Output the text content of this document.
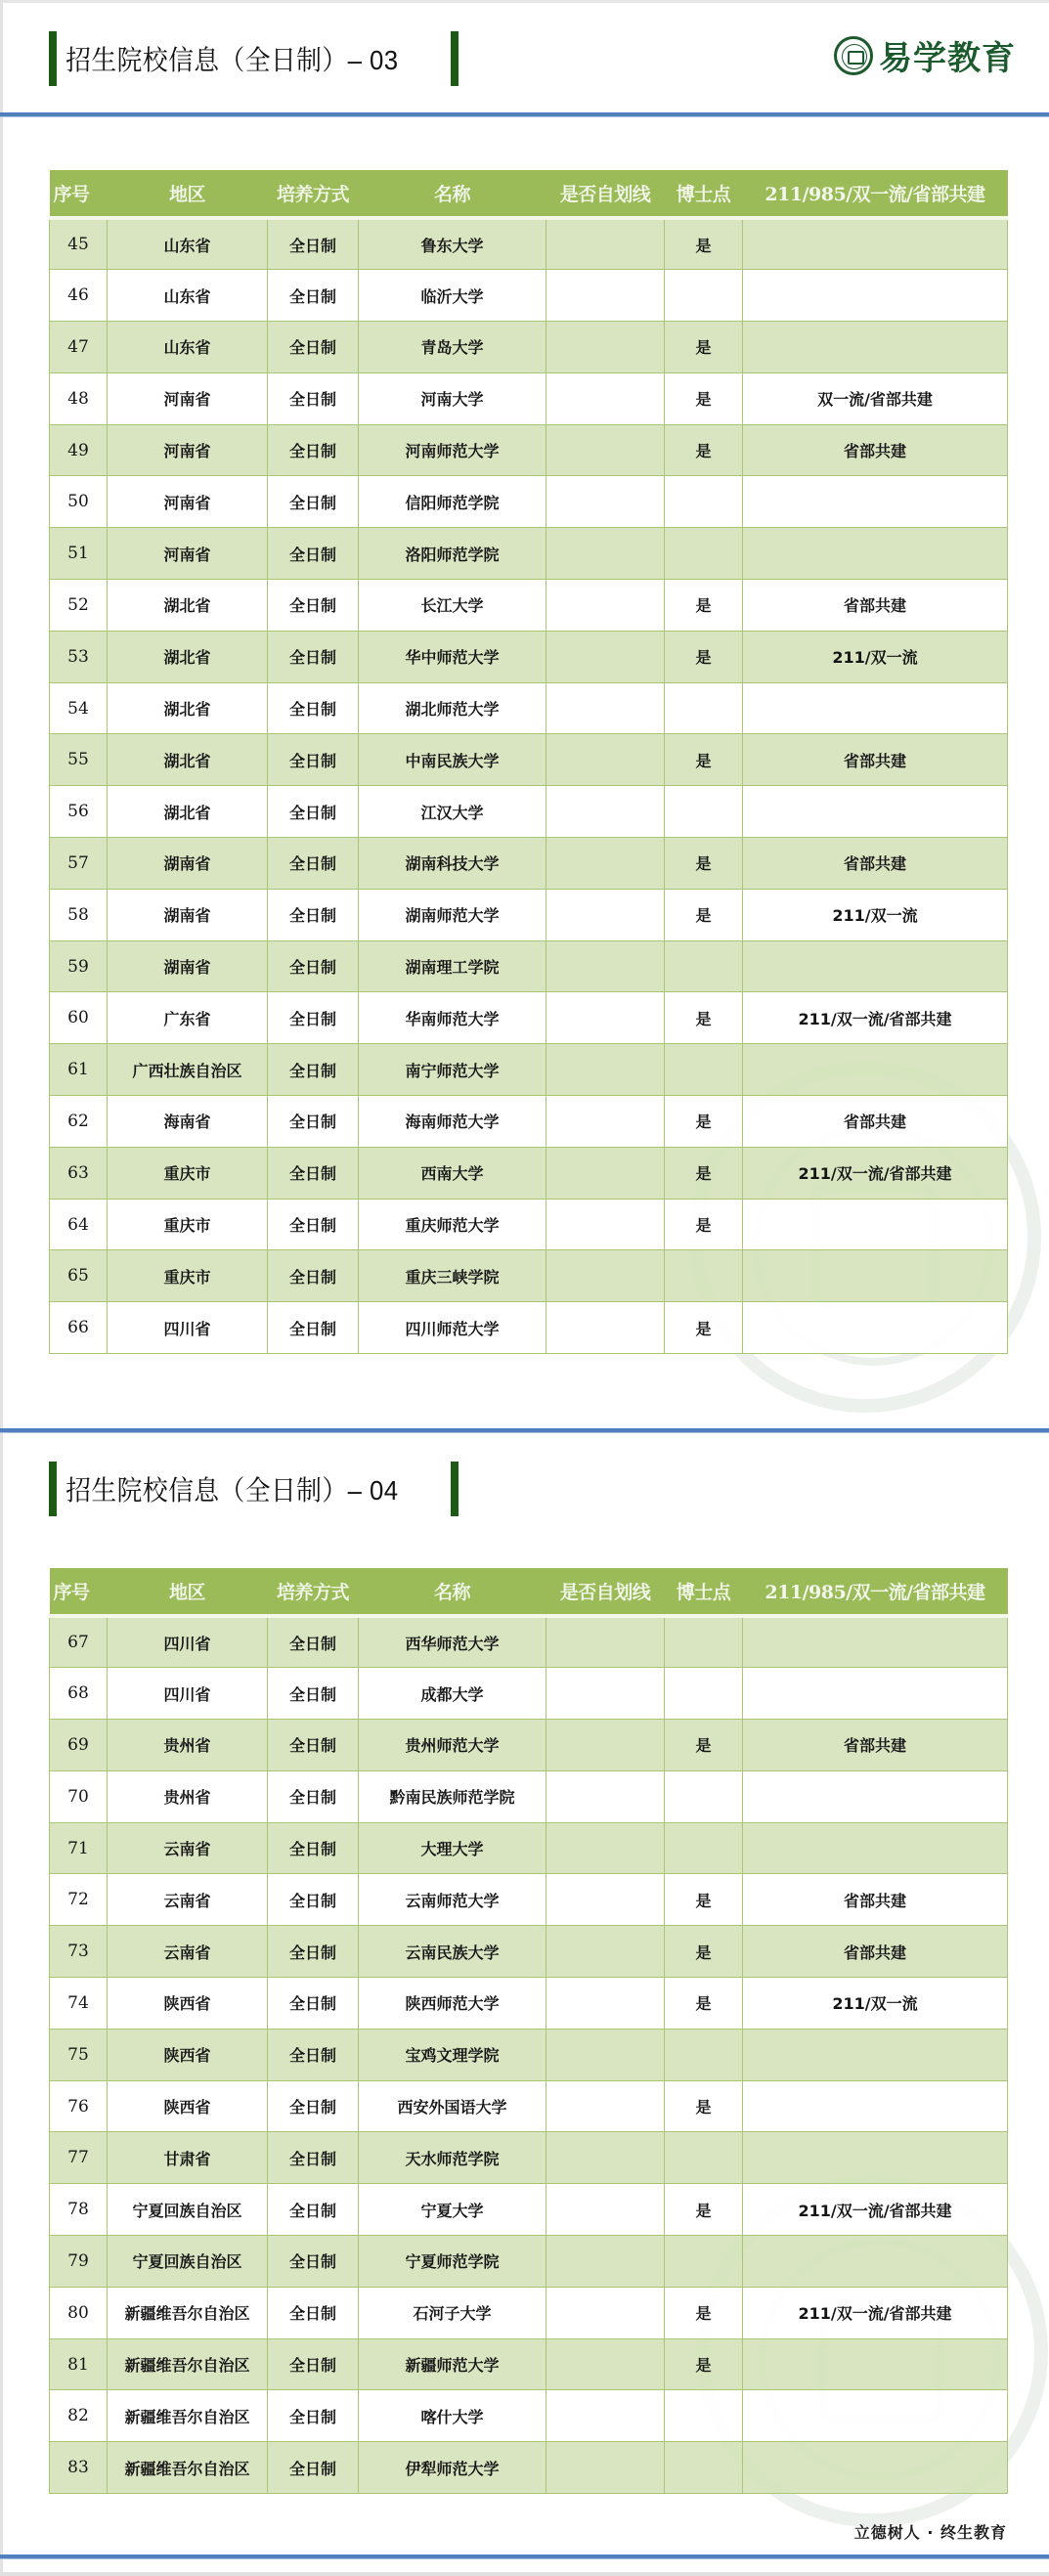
招生院校信息（全日制）– 03	易学教育
序号	地区	培养方式	名称	是否自划线	博士点	211/985/双一流/省部共建
45	山东省	全日制	鲁东大学		是	
46	山东省	全日制	临沂大学			
47	山东省	全日制	青岛大学		是	
48	河南省	全日制	河南大学		是	双一流/省部共建
49	河南省	全日制	河南师范大学		是	省部共建
50	河南省	全日制	信阳师范学院			
51	河南省	全日制	洛阳师范学院			
52	湖北省	全日制	长江大学		是	省部共建
53	湖北省	全日制	华中师范大学		是	211/双一流
54	湖北省	全日制	湖北师范大学			
55	湖北省	全日制	中南民族大学		是	省部共建
56	湖北省	全日制	江汉大学			
57	湖南省	全日制	湖南科技大学		是	省部共建
58	湖南省	全日制	湖南师范大学		是	211/双一流
59	湖南省	全日制	湖南理工学院			
60	广东省	全日制	华南师范大学		是	211/双一流/省部共建
61	广西壮族自治区	全日制	南宁师范大学			
62	海南省	全日制	海南师范大学		是	省部共建
63	重庆市	全日制	西南大学		是	211/双一流/省部共建
64	重庆市	全日制	重庆师范大学		是	
65	重庆市	全日制	重庆三峡学院			
66	四川省	全日制	四川师范大学		是	
招生院校信息（全日制）– 04
序号	地区	培养方式	名称	是否自划线	博士点	211/985/双一流/省部共建
67	四川省	全日制	西华师范大学			
68	四川省	全日制	成都大学			
69	贵州省	全日制	贵州师范大学		是	省部共建
70	贵州省	全日制	黔南民族师范学院			
71	云南省	全日制	大理大学			
72	云南省	全日制	云南师范大学		是	省部共建
73	云南省	全日制	云南民族大学		是	省部共建
74	陕西省	全日制	陕西师范大学		是	211/双一流
75	陕西省	全日制	宝鸡文理学院			
76	陕西省	全日制	西安外国语大学		是	
77	甘肃省	全日制	天水师范学院			
78	宁夏回族自治区	全日制	宁夏大学		是	211/双一流/省部共建
79	宁夏回族自治区	全日制	宁夏师范学院			
80	新疆维吾尔自治区	全日制	石河子大学		是	211/双一流/省部共建
81	新疆维吾尔自治区	全日制	新疆师范大学		是	
82	新疆维吾尔自治区	全日制	喀什大学			
83	新疆维吾尔自治区	全日制	伊犁师范大学			
立德树人 · 终生教育
